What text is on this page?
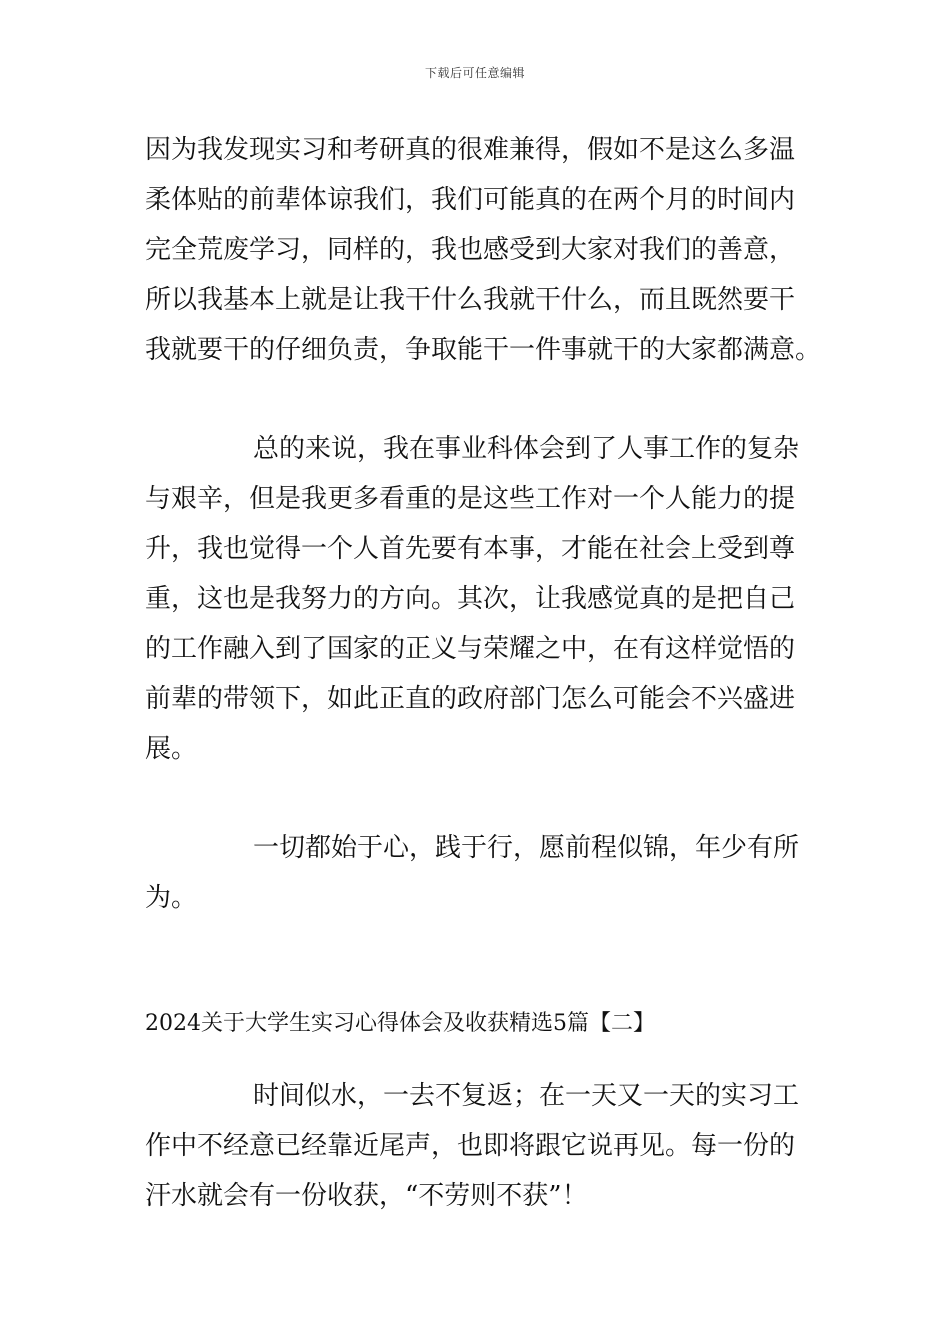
下载后可任意编辑
因为我发现实习和考研真的很难兼得，假如不是这么多温
柔体贴的前辈体谅我们，我们可能真的在两个月的时间内
完全荒废学习，同样的，我也感受到大家对我们的善意，
所以我基本上就是让我干什么我就干什么，而且既然要干
我就要干的仔细负责，争取能干一件事就干的大家都满意。
总的来说，我在事业科体会到了人事工作的复杂
与艰辛，但是我更多看重的是这些工作对一个人能力的提
升，我也觉得一个人首先要有本事，才能在社会上受到尊
重，这也是我努力的方向。其次，让我感觉真的是把自己
的工作融入到了国家的正义与荣耀之中，在有这样觉悟的
前辈的带领下，如此正直的政府部门怎么可能会不兴盛进
展。
一切都始于心，践于行，愿前程似锦，年少有所
为。
2024关于大学生实习心得体会及收获精选5篇【二】
时间似水，一去不复返；在一天又一天的实习工
作中不经意已经靠近尾声，也即将跟它说再见。每一份的
汗水就会有一份收获，“不劳则不获”！
